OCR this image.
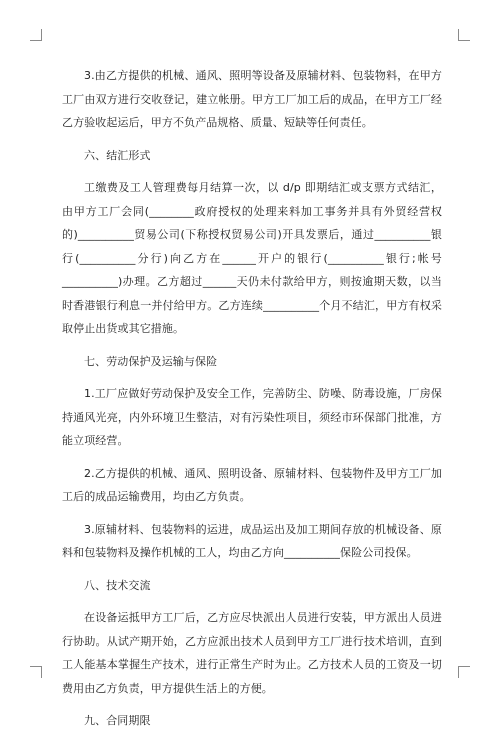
3.由乙方提供的机械、通风、照明等设备及原辅材料、包装物料，在甲方工厂由双方进行交收登记，建立帐册。甲方工厂加工后的成品，在甲方工厂经乙方验收起运后，甲方不负产品规格、质量、短缺等任何责任。

六、结汇形式

工缴费及工人管理费每月结算一次，以 d/p 即期结汇或支票方式结汇，由甲方工厂会同(________政府授权的处理来料加工事务并具有外贸经营权的)__________贸易公司(下称授权贸易公司)开具发票后，通过__________银行(__________分行)向乙方在______开户的银行(__________银行;帐号__________)办理。乙方超过______天仍未付款给甲方，则按逾期天数，以当时香港银行利息一并付给甲方。乙方连续__________个月不结汇，甲方有权采取停止出货或其它措施。

七、劳动保护及运输与保险

1.工厂应做好劳动保护及安全工作，完善防尘、防噪、防毒设施，厂房保持通风光亮，内外环境卫生整洁，对有污染性项目，须经市环保部门批准，方能立项经营。

2.乙方提供的机械、通风、照明设备、原辅材料、包装物件及甲方工厂加工后的成品运输费用，均由乙方负责。

3.原辅材料、包装物料的运进，成品运出及加工期间存放的机械设备、原料和包装物料及操作机械的工人，均由乙方向__________保险公司投保。

八、技术交流

在设备运抵甲方工厂后，乙方应尽快派出人员进行安装，甲方派出人员进行协助。从试产期开始，乙方应派出技术人员到甲方工厂进行技术培训，直到工人能基本掌握生产技术，进行正常生产时为止。乙方技术人员的工资及一切费用由乙方负责，甲方提供生活上的方便。

九、合同期限
